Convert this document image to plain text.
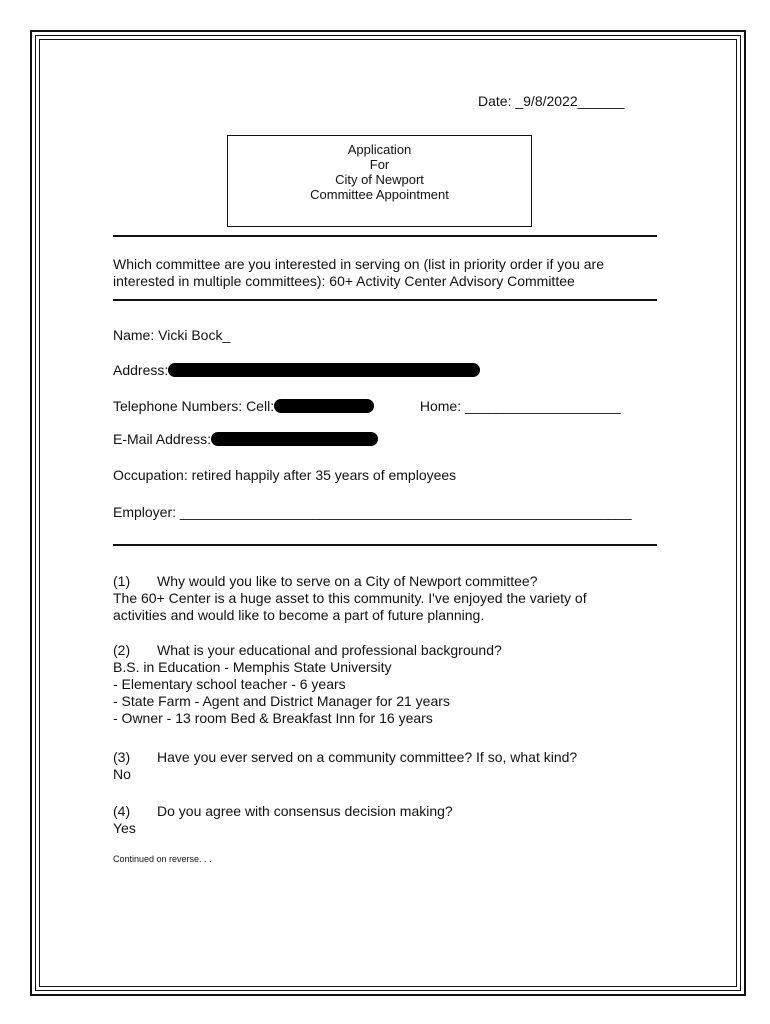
Date: _9/8/2022______
Application
For
City of Newport
Committee Appointment
Which committee are you interested in serving on (list in priority order if you are interested in multiple committees): 60+ Activity Center Advisory Committee
Name: Vicki Bock_
Address:
Telephone Numbers: Cell:	Home: ____________________
E-Mail Address:
Occupation: retired happily after 35 years of employees
Employer: __________________________________________________________
(1) Why would you like to serve on a City of Newport committee?
The 60+ Center is a huge asset to this community. I've enjoyed the variety of
activities and would like to become a part of future planning.
(2) What is your educational and professional background?
B.S. in Education - Memphis State University
- Elementary school teacher - 6 years
- State Farm - Agent and District Manager for 21 years
- Owner - 13 room Bed & Breakfast Inn for 16 years
(3) Have you ever served on a community committee? If so, what kind?
No
(4) Do you agree with consensus decision making?
Yes
Continued on reverse. . .
